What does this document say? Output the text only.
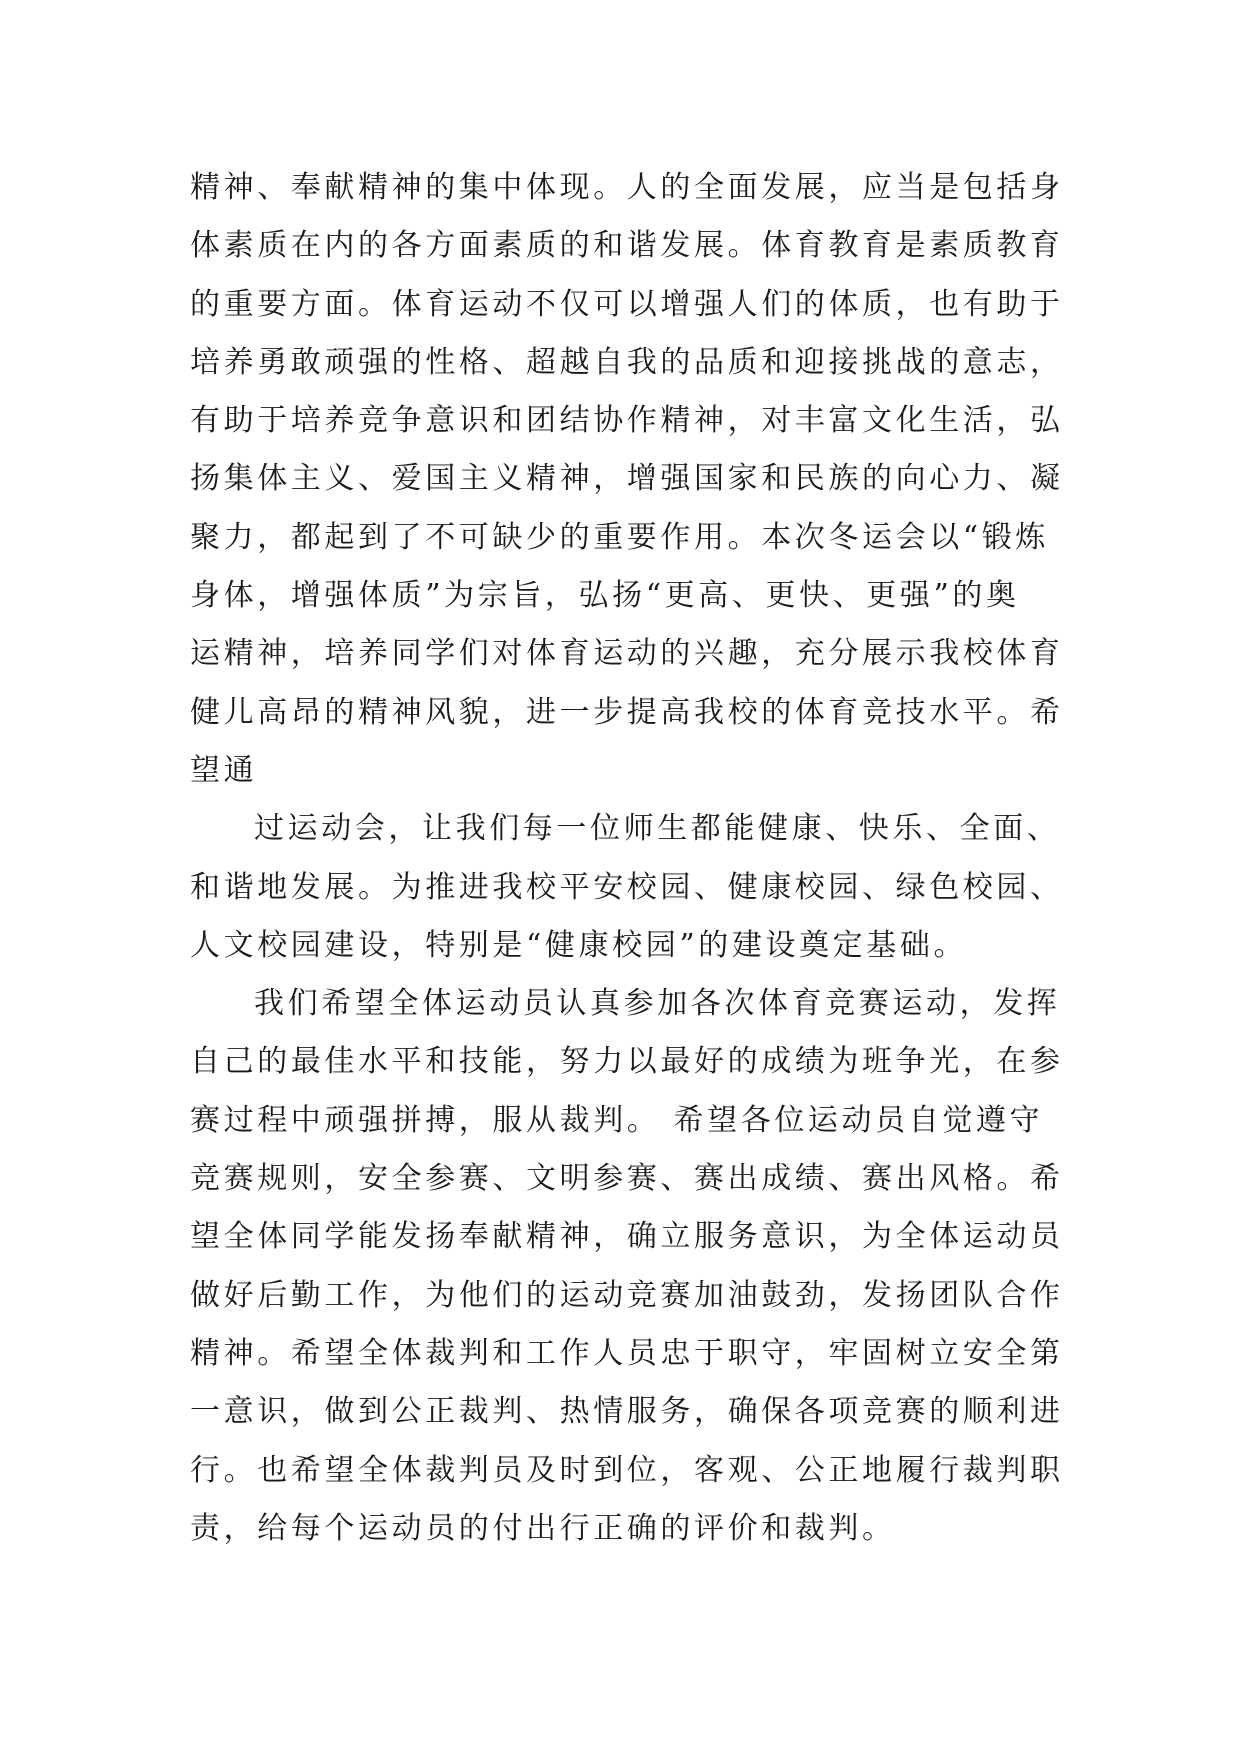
精神、奉献精神的集中体现。人的全面发展，应当是包括身
体素质在内的各方面素质的和谐发展。体育教育是素质教育
的重要方面。体育运动不仅可以增强人们的体质，也有助于
培养勇敢顽强的性格、超越自我的品质和迎接挑战的意志，
有助于培养竞争意识和团结协作精神，对丰富文化生活，弘
扬集体主义、爱国主义精神，增强国家和民族的向心力、凝
聚力，都起到了不可缺少的重要作用。本次冬运会以“锻炼
身体，增强体质”为宗旨，弘扬“更高、更快、更强”的奥
运精神，培养同学们对体育运动的兴趣，充分展示我校体育
健儿高昂的精神风貌，进一步提高我校的体育竞技水平。希
望通

过运动会，让我们每一位师生都能健康、快乐、全面、
和谐地发展。为推进我校平安校园、健康校园、绿色校园、
人文校园建设，特别是“健康校园”的建设奠定基础。

我们希望全体运动员认真参加各次体育竞赛运动，发挥
自己的最佳水平和技能，努力以最好的成绩为班争光，在参
赛过程中顽强拼搏，服从裁判。 希望各位运动员自觉遵守
竞赛规则，安全参赛、文明参赛、赛出成绩、赛出风格。希
望全体同学能发扬奉献精神，确立服务意识，为全体运动员
做好后勤工作，为他们的运动竞赛加油鼓劲，发扬团队合作
精神。希望全体裁判和工作人员忠于职守，牢固树立安全第
一意识，做到公正裁判、热情服务，确保各项竞赛的顺利进
行。也希望全体裁判员及时到位，客观、公正地履行裁判职
责，给每个运动员的付出行正确的评价和裁判。
